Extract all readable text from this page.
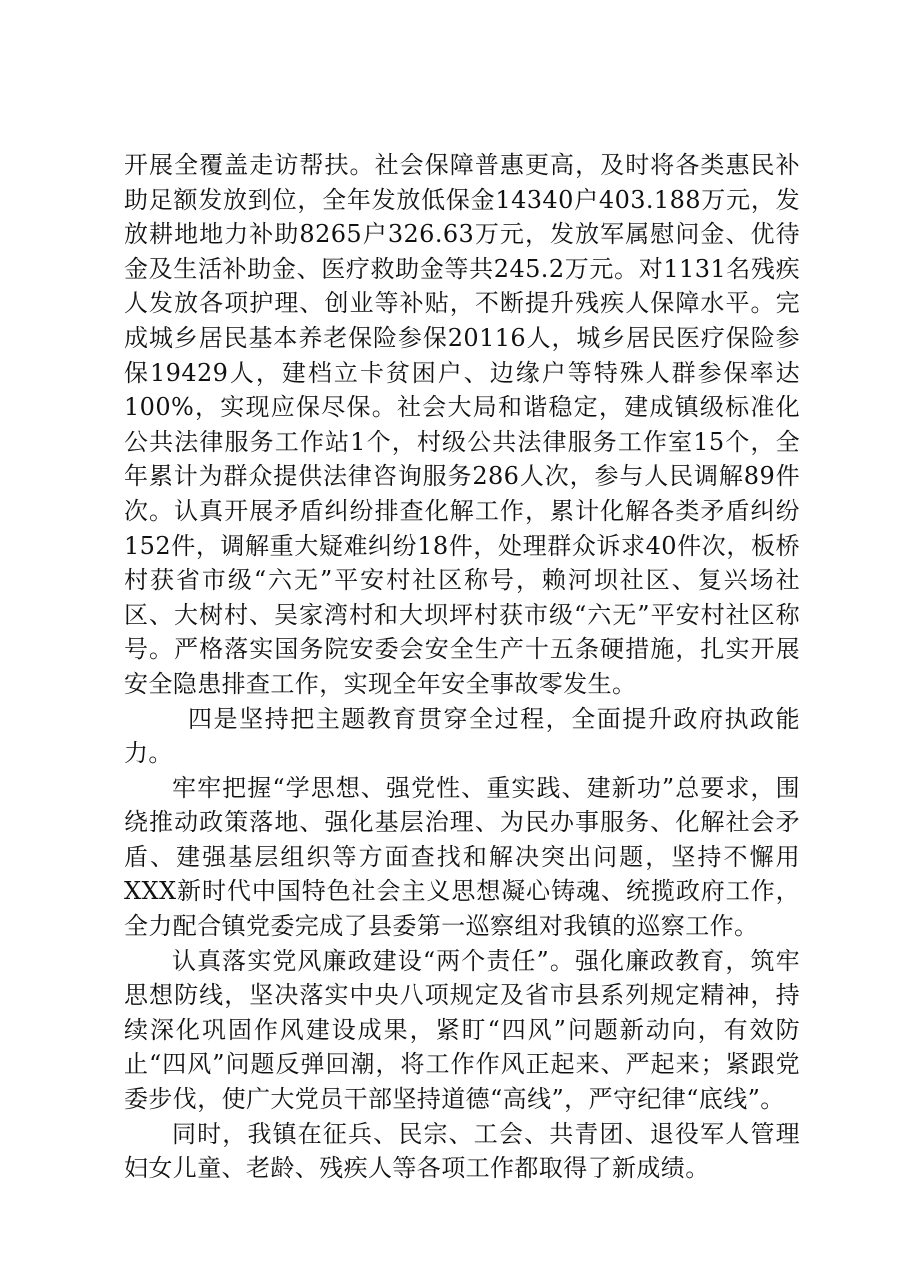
开展全覆盖走访帮扶。社会保障普惠更高，及时将各类惠民补助足额发放到位，全年发放低保金14340户403.188万元，发放耕地地力补助8265户326.63万元，发放军属慰问金、优待金及生活补助金、医疗救助金等共245.2万元。对1131名残疾人发放各项护理、创业等补贴，不断提升残疾人保障水平。完成城乡居民基本养老保险参保20116人，城乡居民医疗保险参保19429人，建档立卡贫困户、边缘户等特殊人群参保率达100%，实现应保尽保。社会大局和谐稳定，建成镇级标准化公共法律服务工作站1个，村级公共法律服务工作室15个，全年累计为群众提供法律咨询服务286人次，参与人民调解89件次。认真开展矛盾纠纷排查化解工作，累计化解各类矛盾纠纷152件，调解重大疑难纠纷18件，处理群众诉求40件次，板桥村获省市级“六无”平安村社区称号，赖河坝社区、复兴场社区、大树村、吴家湾村和大坝坪村获市级“六无”平安村社区称号。严格落实国务院安委会安全生产十五条硬措施，扎实开展安全隐患排查工作，实现全年安全事故零发生。

四是坚持把主题教育贯穿全过程，全面提升政府执政能力。

牢牢把握“学思想、强党性、重实践、建新功”总要求，围绕推动政策落地、强化基层治理、为民办事服务、化解社会矛盾、建强基层组织等方面查找和解决突出问题，坚持不懈用XXX新时代中国特色社会主义思想凝心铸魂、统揽政府工作，全力配合镇党委完成了县委第一巡察组对我镇的巡察工作。

认真落实党风廉政建设“两个责任”。强化廉政教育，筑牢思想防线，坚决落实中央八项规定及省市县系列规定精神，持续深化巩固作风建设成果，紧盯“四风”问题新动向，有效防止“四风”问题反弹回潮，将工作作风正起来、严起来；紧跟党委步伐，使广大党员干部坚持道德“高线”，严守纪律“底线”。

同时，我镇在征兵、民宗、工会、共青团、退役军人管理妇女儿童、老龄、残疾人等各项工作都取得了新成绩。
